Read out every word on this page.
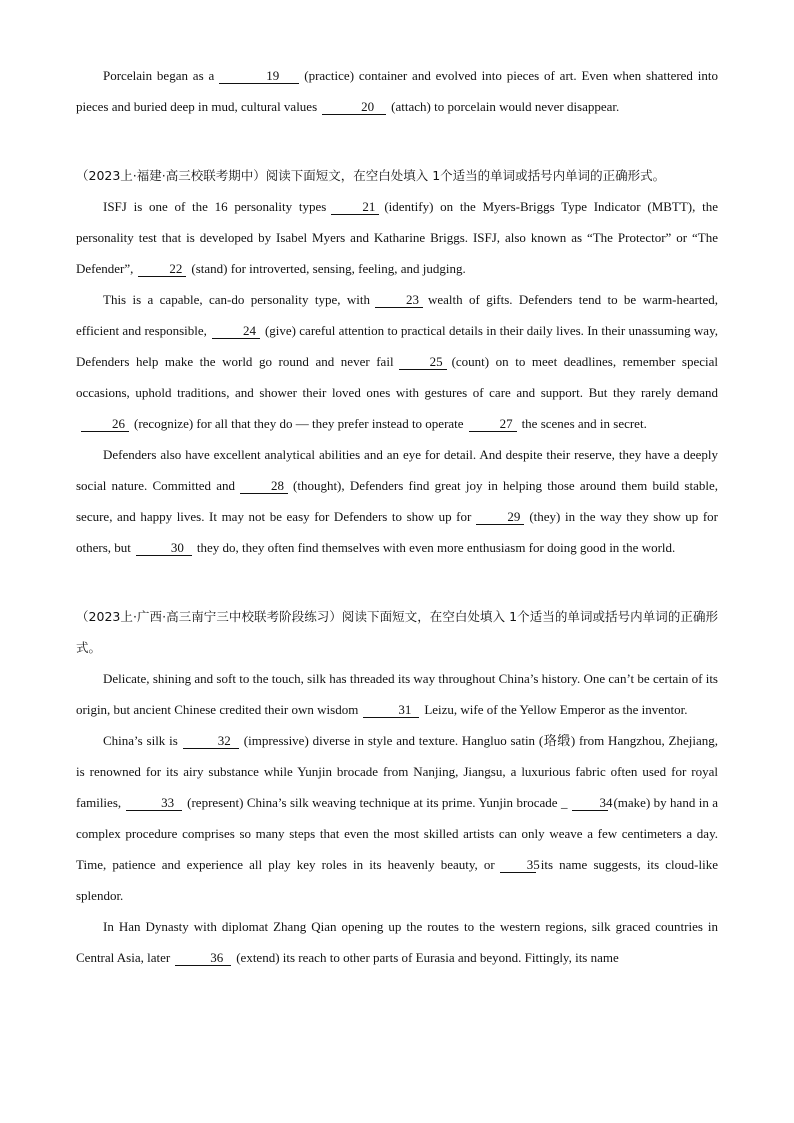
Porcelain began as a	19 (practice) container and evolved into pieces of art. Even when shattered into pieces and buried deep in mud, cultural values	20 (attach) to porcelain would never disappear.

（2023上·福建·高三校联考期中）阅读下面短文，在空白处填入 1个适当的单词或括号内单词的正确形式。

ISFJ is one of the 16 personality types	21 (identify) on the Myers-Briggs Type Indicator (MBTT), the personality test that is developed by Isabel Myers and Katharine Briggs. ISFJ, also known as “The Protector” or “The Defender”,	22 (stand) for introverted, sensing, feeling, and judging.

This is a capable, can-do personality type, with	23 wealth of gifts. Defenders tend to be warm-hearted, efficient and responsible,	24 (give) careful attention to practical details in their daily lives. In their unassuming way, Defenders help make the world go round and never fail	25 (count) on to meet deadlines, remember special occasions, uphold traditions, and shower their loved ones with gestures of care and support. But they rarely demand26 (recognize) for all that they do — they prefer instead to operate	27 the scenes and in secret.

Defenders also have excellent analytical abilities and an eye for detail. And despite their reserve, they have a deeply social nature. Committed and	28 (thought), Defenders find great joy in helping those around them build stable, secure, and happy lives. It may not be easy for Defenders to show up for	29 (they) in the way they show up for others, but	30 they do, they often find themselves with even more enthusiasm for doing good in the world.

（2023上·广西·高三南宁三中校联考阶段练习）阅读下面短文，在空白处填入 1个适当的单词或括号内单词的正确形式。

Delicate, shining and soft to the touch, silk has threaded its way throughout China’s history. One can’t be certain of its origin, but ancient Chinese credited their own wisdom	31 Leizu, wife of the Yellow Emperor as the inventor.

China’s silk is	32 (impressive) diverse in style and texture. Hangluo satin (珞缎) from Hangzhou, Zhejiang, is renowned for its airy substance while Yunjin brocade from Nanjing, Jiangsu, a luxurious fabric often used for royal families,	33 (represent) China’s silk weaving technique at its prime. Yunjin brocade _ 34(make) by hand in a complex procedure comprises so many steps that even the most skilled artists can only weave a few centimeters a day. Time, patience and experience all play key roles in its heavenly beauty, or 35its name suggests, its cloud-like splendor.

In Han Dynasty with diplomat Zhang Qian opening up the routes to the western regions, silk graced countries in Central Asia, later	36 (extend) its reach to other parts of Eurasia and beyond. Fittingly, its name
